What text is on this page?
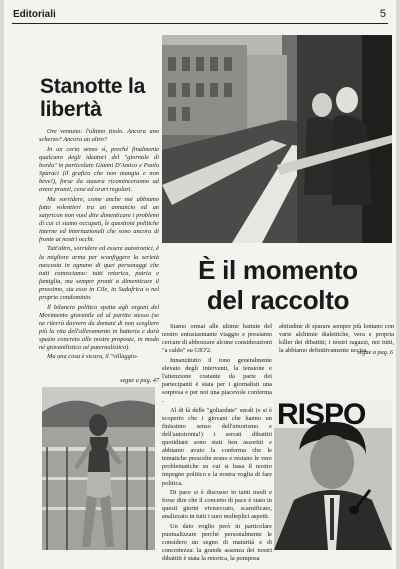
Editoriali	5
Stanotte la libertà

Ore ventuno: l'ultimo titolo. Ancora uno scherzo? Ancora un altro?

In un certo senso sì, perché finalmente qualcuno degli ideatori del "giornale di bordo" in particolare Gianni D'Amico e Paolo Sparaci (il grafico che non mangia e non beve!), forse da stasera ricominceranno ad avere pranzi, cene ed orari regolari.

Ma sorridere, come anche noi abbiamo fatto volentieri tra un annuncio ed un satyricon non vuol dire dimenticare i problemi di cui ci siamo occupati, le questioni politiche interne ed internazionali che sono ancora di fronte ai nostri occhi.

Tutt'altro, sorridere ed essere autoironici, è la migliore arma per sconfiggere la serietà nascosta in ognuno di quei personaggi che tutti conosciamo: tutti retorica, patria e famiglia, ma sempre pronti a dimenticare il prossimo, sia esso in Cile, in Sudafrica o nel proprio condominio.

Il bilancio politico spetta agli organi del Movimento giovanile ed al partito stesso (se ne riterrà davvero da domani di non scegliere più la vita dell'allevamento in batteria e darà spazio concreto alle nostre proposte, in modo né giovanilistico né paternalistico).

Ma una cosa è sicura, il "villaggio-

segue a pag. 47
È il momento
del raccolto

Siamo ormai alle ultime battute del nostro entusiasmante viaggio e possiamo cercare di abbozzare alcune considerazioni "a caldo" su GIO'2.

Innanzitutto il tono generalmente elevato degli interventi, la tensione e l'attenzione costante da parte dei partecipanti è stata per i giornalisti una sorpresa e per noi una piacevole conferma .

Al di là delle "goliardate" serali (e si è scoperto che i giovani che hanno un finissimo senso dell'umorismo e dell'autoironia!) i serrati dibattiti quotidiani sono stati ben assortiti e abbiamo avuto la conferma che le tematiche prescelte erano e restano le vere problematiche su cui si basa il nostro impegno politico e la nostra voglia di fare politica.

Di pace si è discusso in tanti modi e forse dire che il concetto di pace è stato in questi giorni viviseccato, scarnificato, analizzato in tutti i suoi molteplici aspetti.

Un dato voglio però in particolare puntualizzare perché personalmente le considero un segno di maturità e di concretezza: la grande assenza dei nostri dibattiti è stata la retorica, la pomposa

abitudine di sparare sempre più lontano con varie alchimie dialettiche, vera e propria killer dei dibattiti; i nostri ragazzi, noi tutti, la abbiamo definitivamente uccisa.

segue a pag. 6
RISPO
